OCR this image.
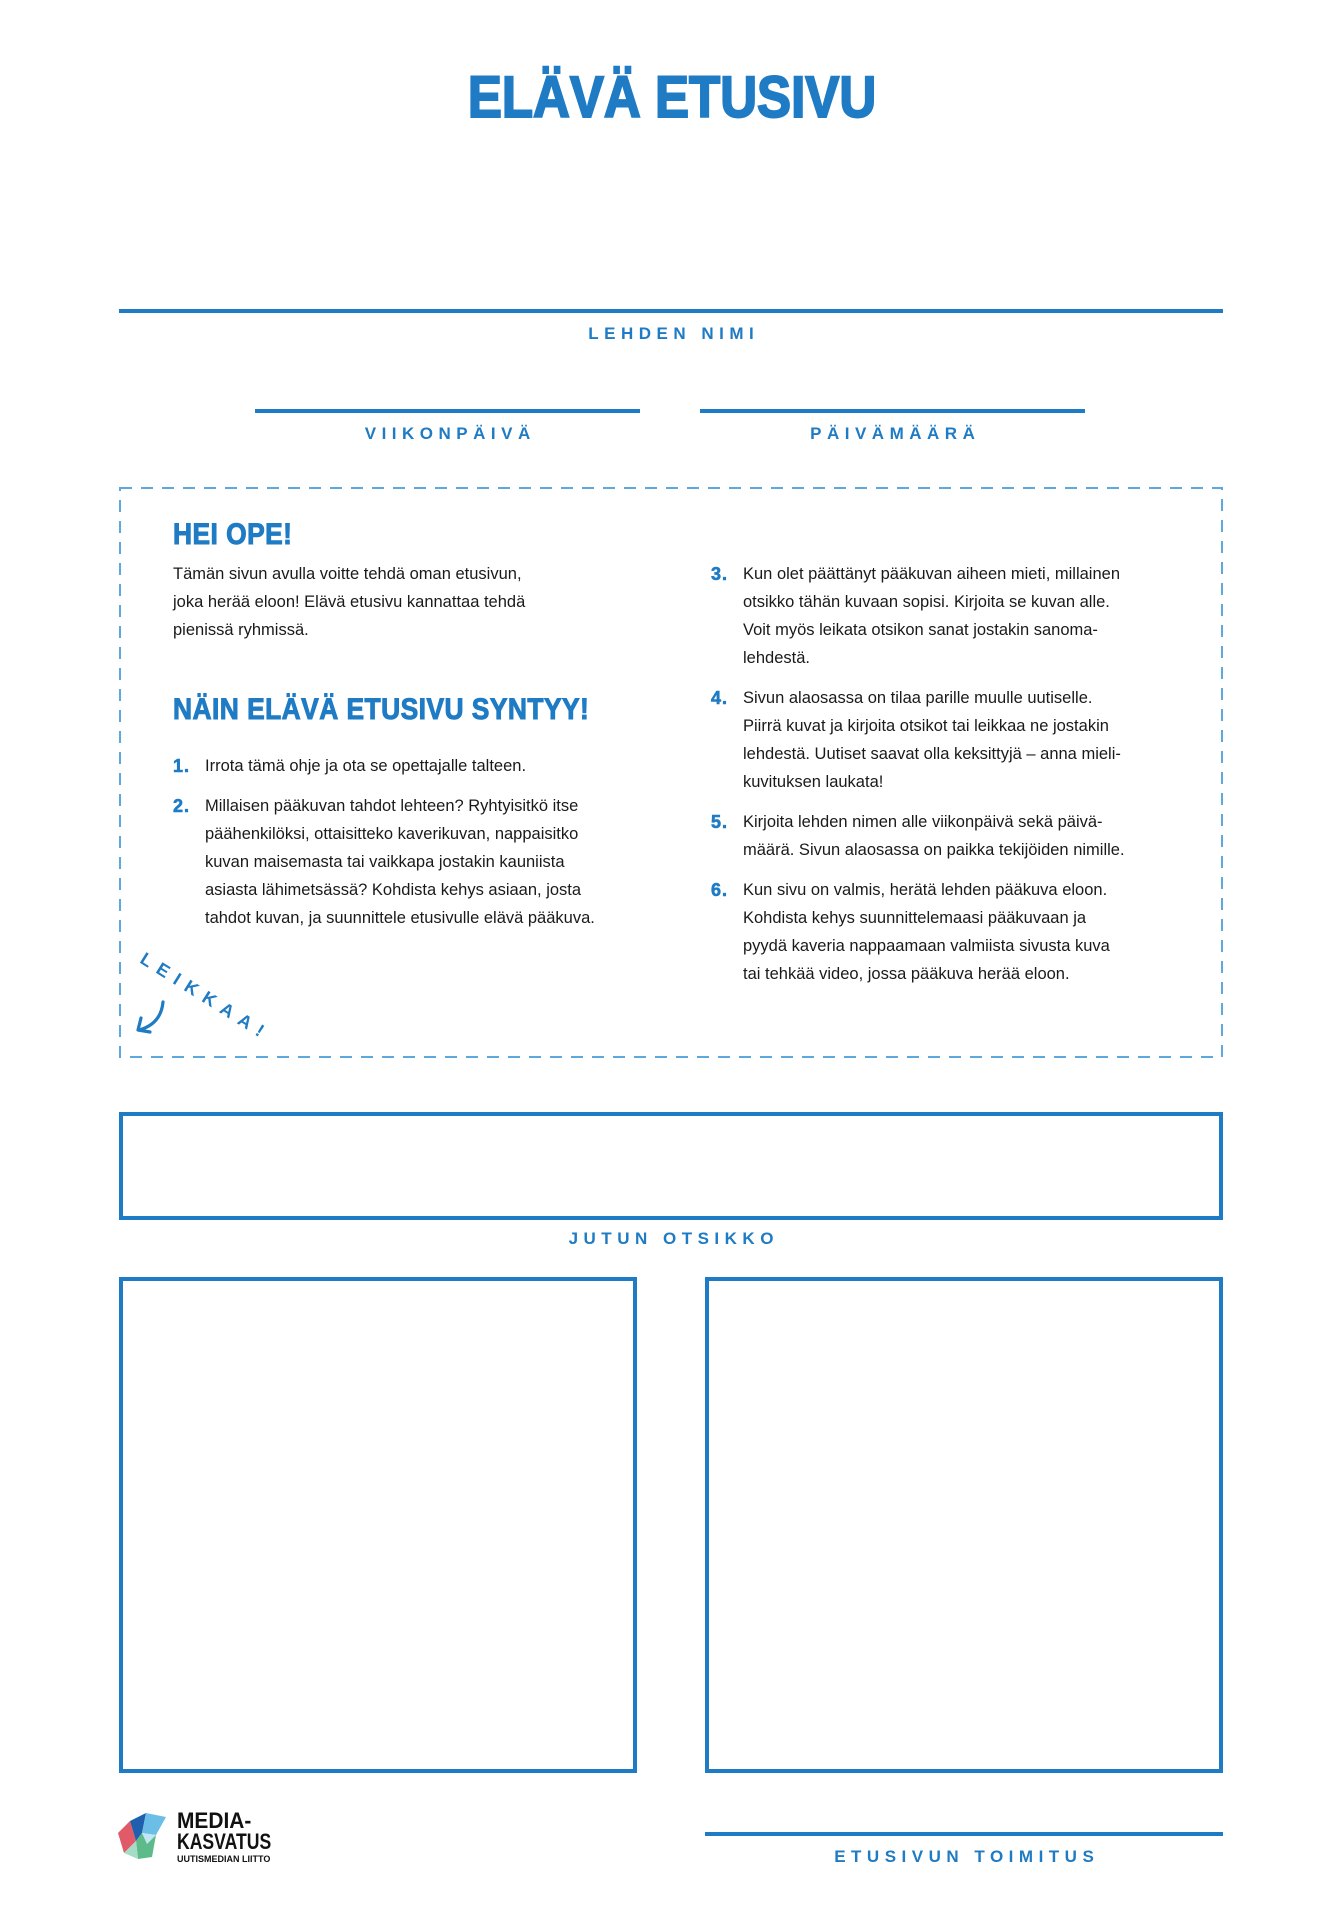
ELÄVÄ ETUSIVU
LEHDEN NIMI
VIIKONPÄIVÄ	PÄIVÄMÄÄRÄ
HEI OPE!
Tämän sivun avulla voitte tehdä oman etusivun,
joka herää eloon! Elävä etusivu kannattaa tehdä
pienissä ryhmissä.
NÄIN ELÄVÄ ETUSIVU SYNTYY!
1. Irrota tämä ohje ja ota se opettajalle talteen.
2. Millaisen pääkuvan tahdot lehteen? Ryhtyisitkö itse
päähenkilöksi, ottaisitteko kaverikuvan, nappaisitko
kuvan maisemasta tai vaikkapa jostakin kauniista
asiasta lähimetsässä? Kohdista kehys asiaan, josta
tahdot kuvan, ja suunnittele etusivulle elävä pääkuva.
3. Kun olet päättänyt pääkuvan aiheen mieti, millainen
otsikko tähän kuvaan sopisi. Kirjoita se kuvan alle.
Voit myös leikata otsikon sanat jostakin sanoma-
lehdestä.
4. Sivun alaosassa on tilaa parille muulle uutiselle.
Piirrä kuvat ja kirjoita otsikot tai leikkaa ne jostakin
lehdestä. Uutiset saavat olla keksittyjä – anna mieli-
kuvituksen laukata!
5. Kirjoita lehden nimen alle viikonpäivä sekä päivä-
määrä. Sivun alaosassa on paikka tekijöiden nimille.
6. Kun sivu on valmis, herätä lehden pääkuva eloon.
Kohdista kehys suunnittelemaasi pääkuvaan ja
pyydä kaveria nappaamaan valmiista sivusta kuva
tai tehkää video, jossa pääkuva herää eloon.
LEIKKAA!
JUTUN OTSIKKO
MEDIA-
KASVATUS
UUTISMEDIAN LIITTO	ETUSIVUN TOIMITUS
